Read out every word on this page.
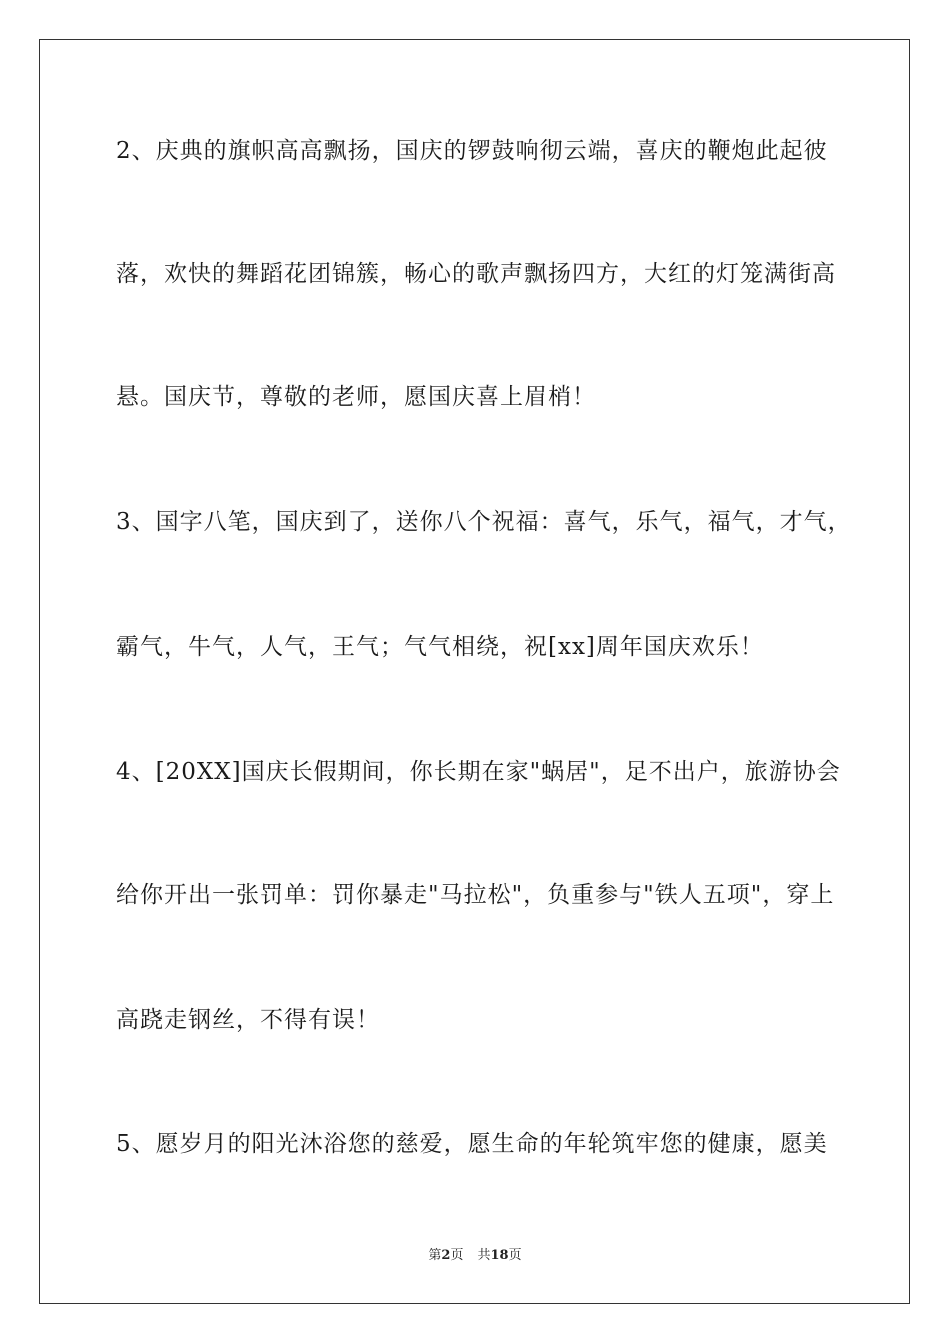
2、庆典的旗帜高高飘扬，国庆的锣鼓响彻云端，喜庆的鞭炮此起彼

落，欢快的舞蹈花团锦簇，畅心的歌声飘扬四方，大红的灯笼满街高

悬。国庆节，尊敬的老师，愿国庆喜上眉梢！

3、国字八笔，国庆到了，送你八个祝福：喜气，乐气，福气，才气，

霸气，牛气，人气，王气；气气相绕，祝[xx]周年国庆欢乐！

4、[20XX]国庆长假期间，你长期在家"蜗居"，足不出户，旅游协会

给你开出一张罚单：罚你暴走"马拉松"，负重参与"铁人五项"，穿上

高跷走钢丝，不得有误！

5、愿岁月的阳光沐浴您的慈爱，愿生命的年轮筑牢您的健康，愿美

第2页 共18页
